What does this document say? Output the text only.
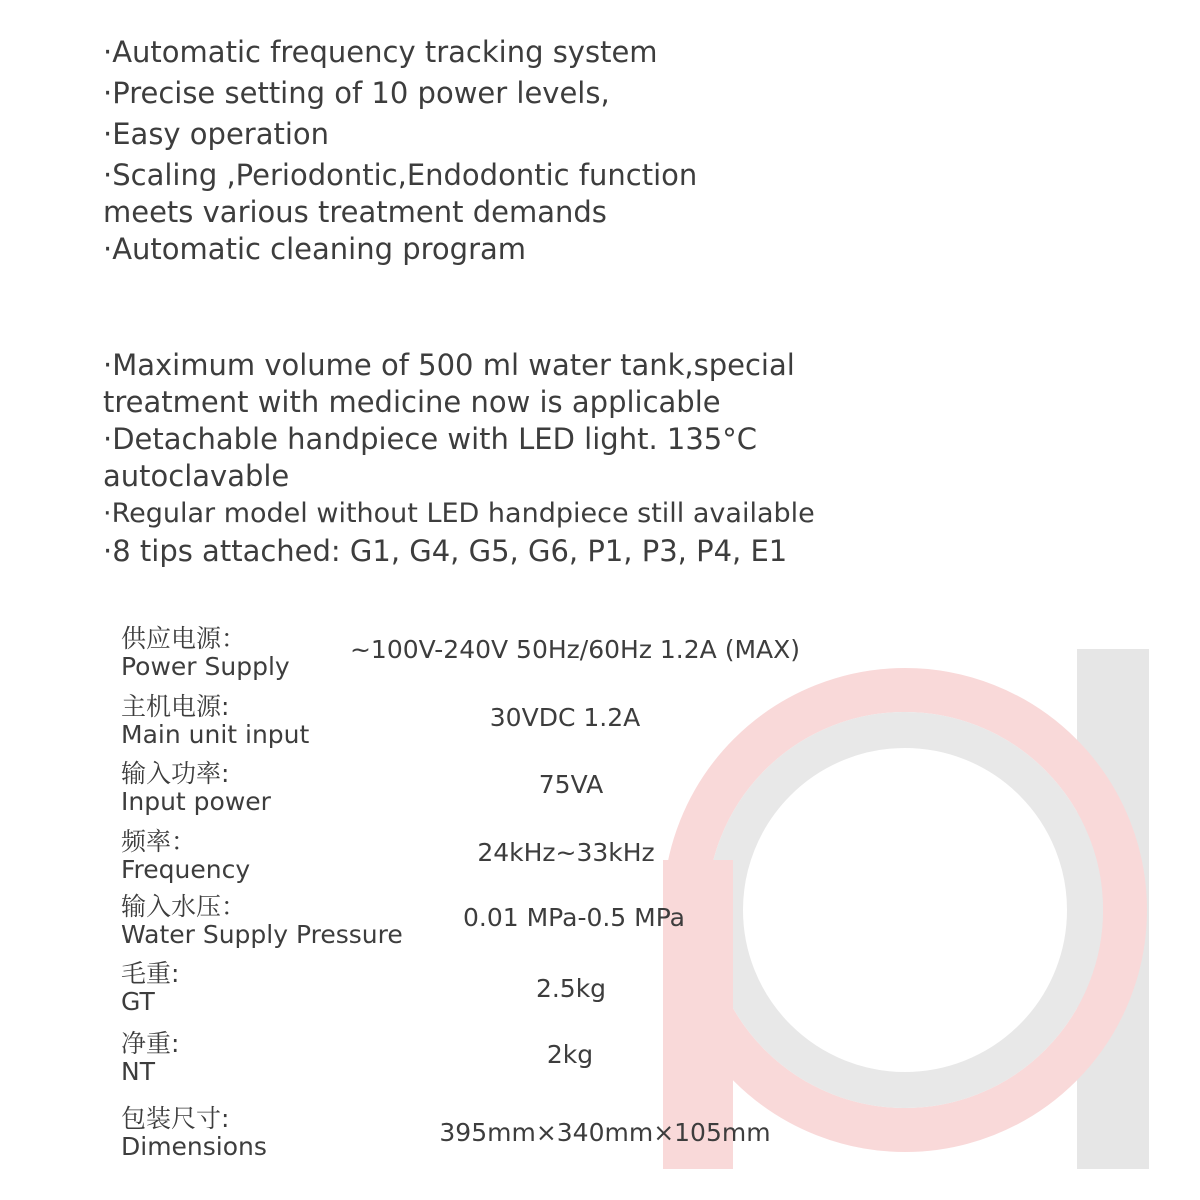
·Automatic frequency tracking system
·Precise setting of 10 power levels,
·Easy operation
·Scaling ,Periodontic,Endodontic function
meets various treatment demands
·Automatic cleaning program
·Maximum volume of 500 ml water tank,special
treatment with medicine now is applicable
·Detachable handpiece with LED light. 135°C
autoclavable
·Regular model without LED handpiece still available
·8 tips attached: G1, G4, G5, G6, P1, P3, P4, E1
供应电源：
Power Supply
~100V-240V 50Hz/60Hz 1.2A (MAX)
主机电源:
Main unit input
30VDC 1.2A
输入功率:
Input power
75VA
频率：
Frequency
24kHz~33kHz
输入水压：
Water Supply Pressure
0.01 MPa-0.5 MPa
毛重:
GT	2.5kg
净重:
NT
2kg
包装尺寸:
Dimensions	395mm×340mm×105mm
